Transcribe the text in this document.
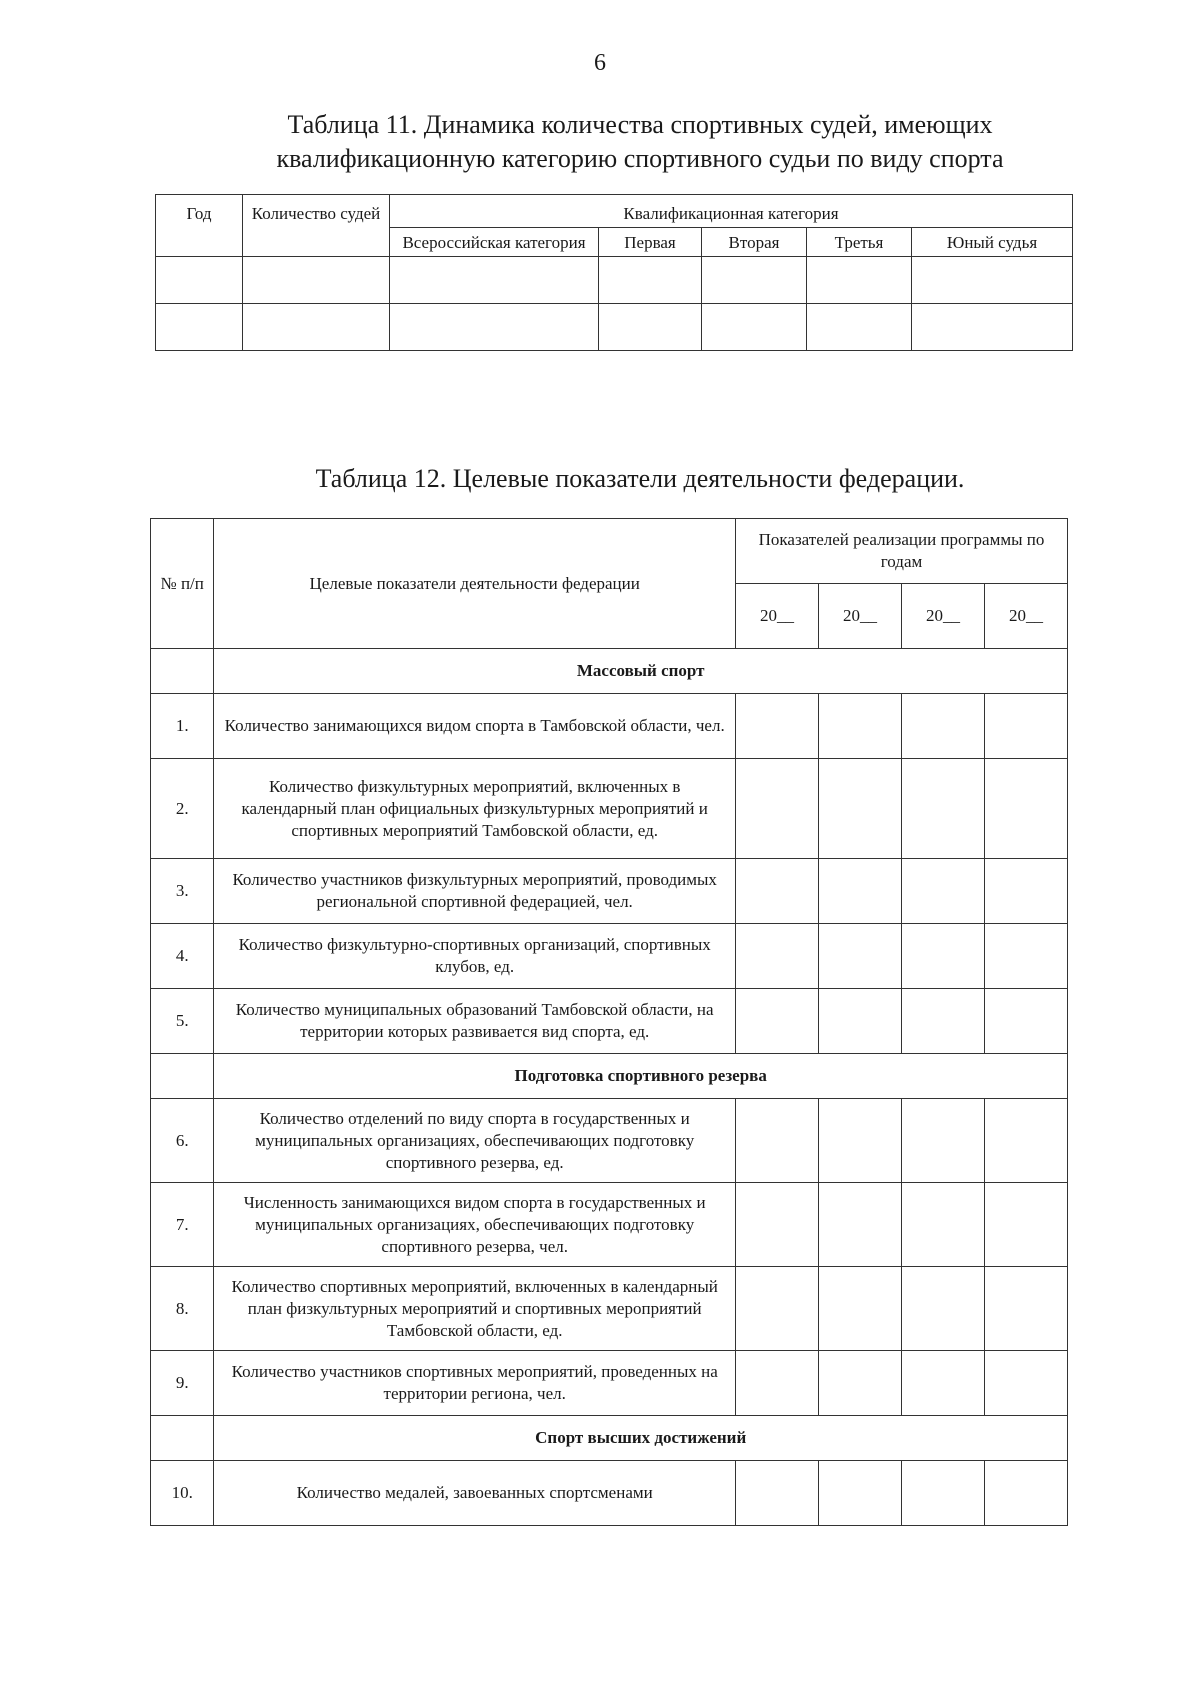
6
Таблица 11. Динамика количества спортивных судей, имеющих
квалификационную категорию спортивного судьи по виду спорта
Год	Количество судей	Квалификационная категория				
		Всероссийская категория	Первая	Вторая	Третья	Юный судья

Таблица 12. Целевые показатели деятельности федерации.
№ п/п	Целевые показатели деятельности федерации	Показателей реализации программы по годам			
		20__	20__	20__	20__
	Массовый спорт				
1.	Количество занимающихся видом спорта в Тамбовской области, чел.				
2.	Количество физкультурных мероприятий, включенных в календарный план официальных физкультурных мероприятий и спортивных мероприятий Тамбовской области, ед.				
3.	Количество участников физкультурных мероприятий, проводимых региональной спортивной федерацией, чел.				
4.	Количество физкультурно-спортивных организаций, спортивных клубов, ед.				
5.	Количество муниципальных образований Тамбовской области, на территории которых развивается вид спорта, ед.				
	Подготовка спортивного резерва				
6.	Количество отделений по виду спорта в государственных и муниципальных организациях, обеспечивающих подготовку спортивного резерва, ед.				
7.	Численность занимающихся видом спорта в государственных и муниципальных организациях, обеспечивающих подготовку спортивного резерва, чел.				
8.	Количество спортивных мероприятий, включенных в календарный план физкультурных мероприятий и спортивных мероприятий Тамбовской области, ед.				
9.	Количество участников спортивных мероприятий, проведенных на территории региона, чел.				
	Спорт высших достижений				
10.	Количество медалей, завоеванных спортсменами				
